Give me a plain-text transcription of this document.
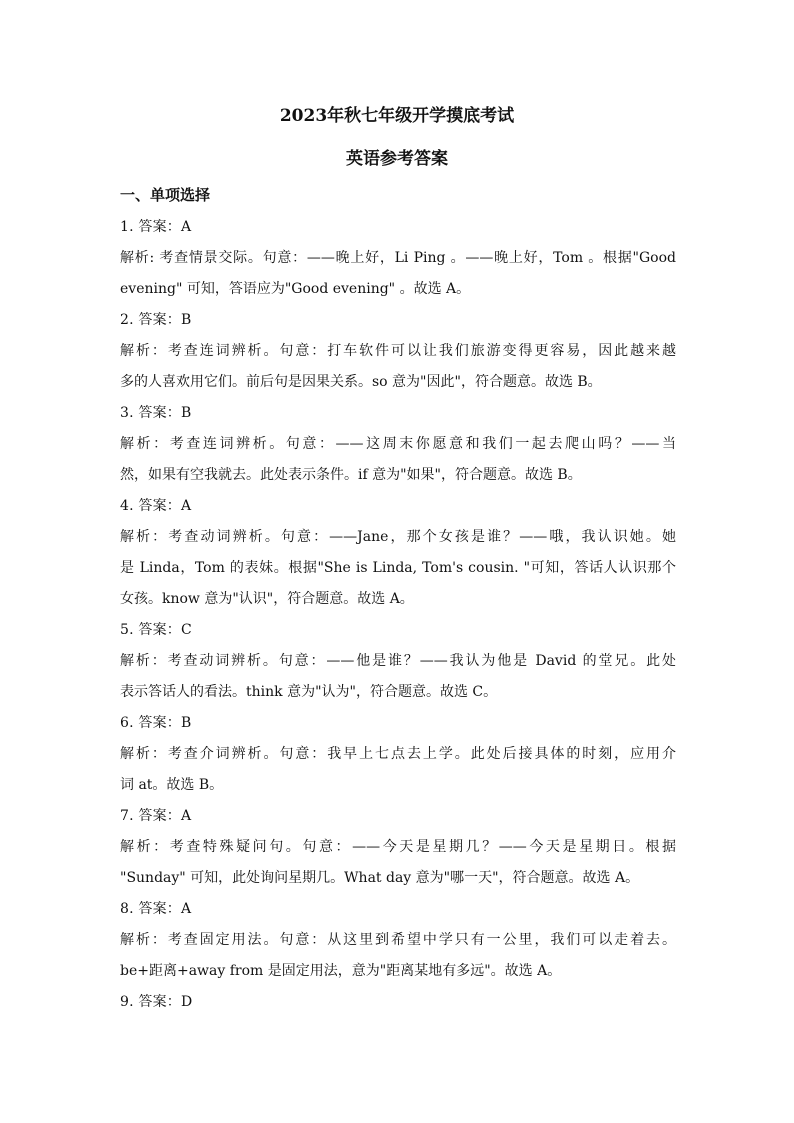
2023年秋七年级开学摸底考试
英语参考答案
一、单项选择
1. 答案：A
解析: 考查情景交际。句意：——晚上好，Li Ping 。——晚上好，Tom 。根据"Good
evening" 可知，答语应为"Good evening" 。故选 A。
2. 答案：B
解析：考查连词辨析。句意：打车软件可以让我们旅游变得更容易，因此越来越
多的人喜欢用它们。前后句是因果关系。so 意为"因此"，符合题意。故选 B。
3. 答案：B
解析：考查连词辨析。句意：——这周末你愿意和我们一起去爬山吗？——当
然，如果有空我就去。此处表示条件。if 意为"如果"，符合题意。故选 B。
4. 答案：A
解析：考查动词辨析。句意：——Jane，那个女孩是谁？——哦，我认识她。她
是 Linda，Tom 的表妹。根据"She is Linda, Tom's cousin. "可知，答话人认识那个
女孩。know 意为"认识"，符合题意。故选 A。
5. 答案：C
解析：考查动词辨析。句意：——他是谁？——我认为他是 David 的堂兄。此处
表示答话人的看法。think 意为"认为"，符合题意。故选 C。
6. 答案：B
解析：考查介词辨析。句意：我早上七点去上学。此处后接具体的时刻，应用介
词 at。故选 B。
7. 答案：A
解析：考查特殊疑问句。句意：——今天是星期几？——今天是星期日。根据
"Sunday" 可知，此处询问星期几。What day 意为"哪一天"，符合题意。故选 A。
8. 答案：A
解析：考查固定用法。句意：从这里到希望中学只有一公里，我们可以走着去。
be+距离+away from 是固定用法，意为"距离某地有多远"。故选 A。
9. 答案：D
